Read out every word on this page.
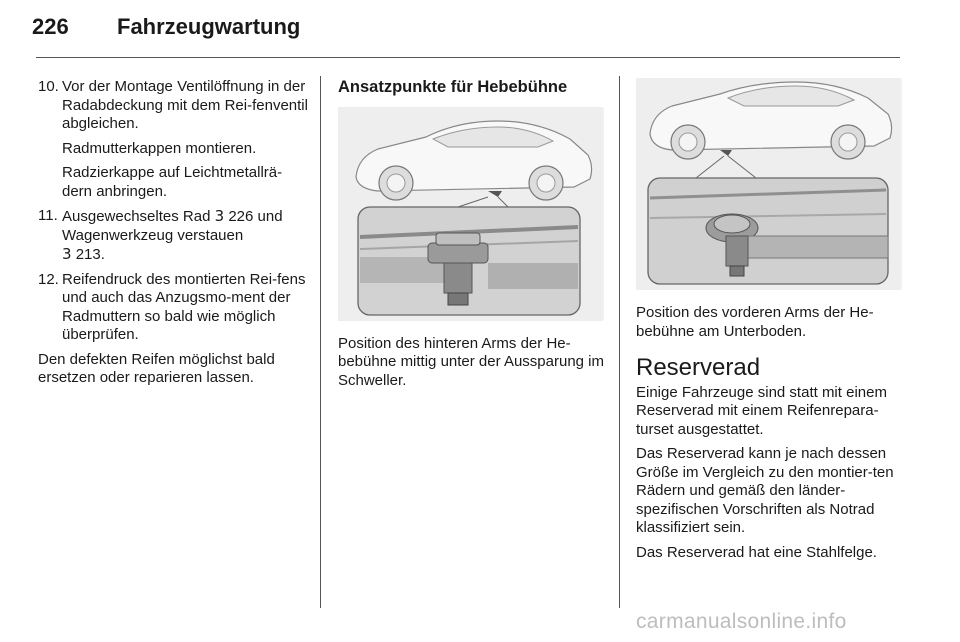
226	Fahrzeugwartung
10. Vor der Montage Ventilöffnung in der Radabdeckung mit dem Rei-fenventil abgleichen.

Radmutterkappen montieren.

Radzierkappe auf Leichtmetallrä-dern anbringen.

11. Ausgewechseltes Rad 3 226 und Wagenwerkzeug verstauen
3 213.
12. Reifendruck des montierten Rei-fens und auch das Anzugsmo-ment der Radmuttern so bald wie möglich überprüfen.

Den defekten Reifen möglichst bald ersetzen oder reparieren lassen.

Ansatzpunkte für Hebebühne

Position des hinteren Arms der He-bebühne mittig unter der Aussparung im Schweller.

Position des vorderen Arms der He-bebühne am Unterboden.

Reserverad

Einige Fahrzeuge sind statt mit einem Reserverad mit einem Reifenrepara-turset ausgestattet.

Das Reserverad kann je nach dessen Größe im Vergleich zu den montier-ten Rädern und gemäß den länder-spezifischen Vorschriften als Notrad klassifiziert sein.

Das Reserverad hat eine Stahlfelge.

carmanualsonline.info
